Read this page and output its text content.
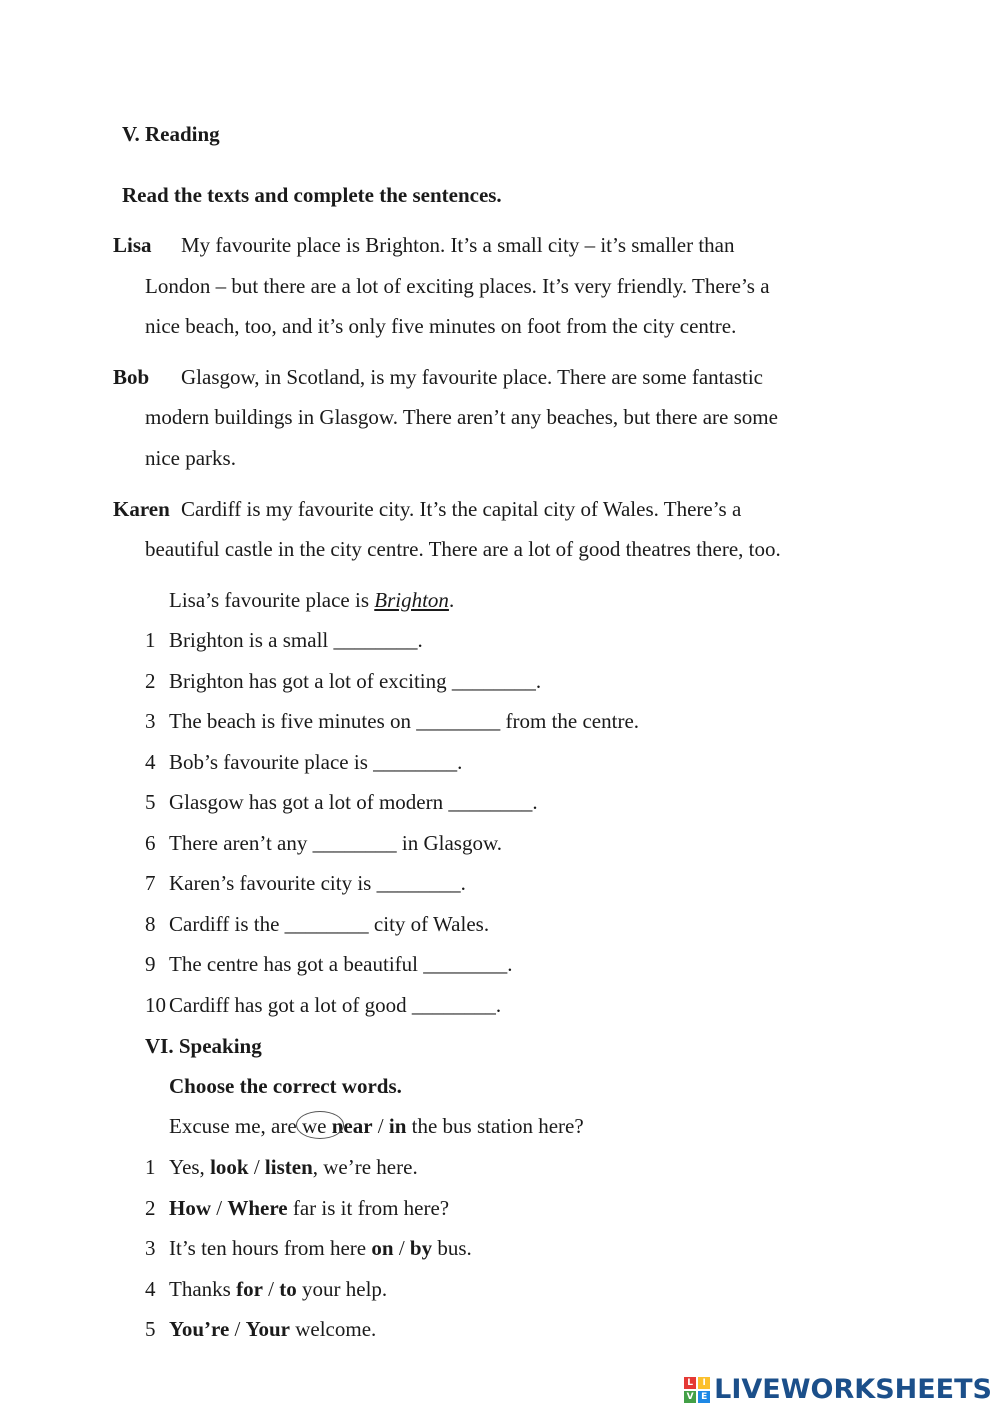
V. Reading
Read the texts and complete the sentences.
Lisa My favourite place is Brighton. It’s a small city – it’s smaller than
London – but there are a lot of exciting places. It’s very friendly. There’s a
nice beach, too, and it’s only five minutes on foot from the city centre.
Bob Glasgow, in Scotland, is my favourite place. There are some fantastic
modern buildings in Glasgow. There aren’t any beaches, but there are some
nice parks.
Karen Cardiff is my favourite city. It’s the capital city of Wales. There’s a
beautiful castle in the city centre. There are a lot of good theatres there, too.
Lisa’s favourite place is Brighton.
1 Brighton is a small ________.
2 Brighton has got a lot of exciting ________.
3 The beach is five minutes on ________ from the centre.
4 Bob’s favourite place is ________.
5 Glasgow has got a lot of modern ________.
6 There aren’t any ________ in Glasgow.
7 Karen’s favourite city is ________.
8 Cardiff is the ________ city of Wales.
9 The centre has got a beautiful ________.
10 Cardiff has got a lot of good ________.
VI. Speaking
Choose the correct words.
Excuse me, are we near / in the bus station here?
1 Yes, look / listen, we’re here.
2 How / Where far is it from here?
3 It’s ten hours from here on / by bus.
4 Thanks for / to your help.
5 You’re / Your welcome.
L	I
V E LIVEWORKSHEETS
